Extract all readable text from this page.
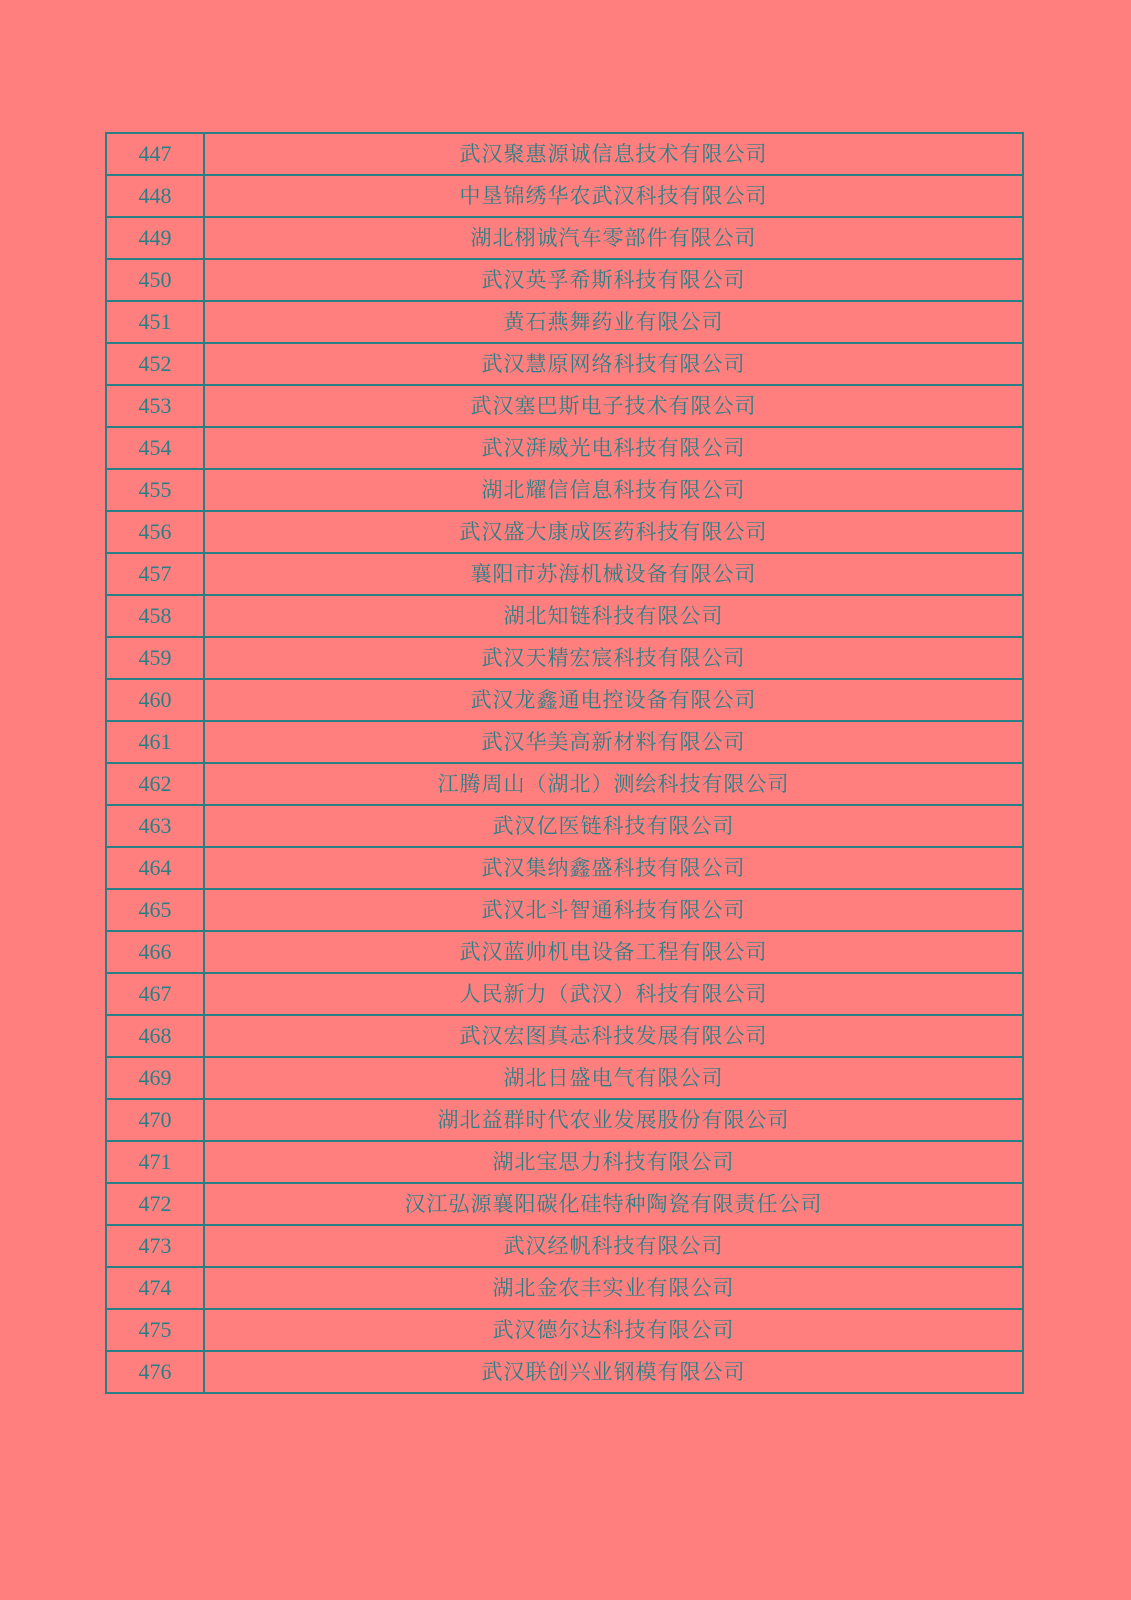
447	武汉聚惠源诚信息技术有限公司
448	中垦锦绣华农武汉科技有限公司
449	湖北栩诚汽车零部件有限公司
450	武汉英孚希斯科技有限公司
451	黄石燕舞药业有限公司
452	武汉慧原网络科技有限公司
453	武汉塞巴斯电子技术有限公司
454	武汉湃威光电科技有限公司
455	湖北耀信信息科技有限公司
456	武汉盛大康成医药科技有限公司
457	襄阳市苏海机械设备有限公司
458	湖北知链科技有限公司
459	武汉天精宏宸科技有限公司
460	武汉龙鑫通电控设备有限公司
461	武汉华美高新材料有限公司
462	江腾周山（湖北）测绘科技有限公司
463	武汉亿医链科技有限公司
464	武汉集纳鑫盛科技有限公司
465	武汉北斗智通科技有限公司
466	武汉蓝帅机电设备工程有限公司
467	人民新力（武汉）科技有限公司
468	武汉宏图真志科技发展有限公司
469	湖北日盛电气有限公司
470	湖北益群时代农业发展股份有限公司
471	湖北宝思力科技有限公司
472	汉江弘源襄阳碳化硅特种陶瓷有限责任公司
473	武汉经帆科技有限公司
474	湖北金农丰实业有限公司
475	武汉德尔达科技有限公司
476	武汉联创兴业钢模有限公司
